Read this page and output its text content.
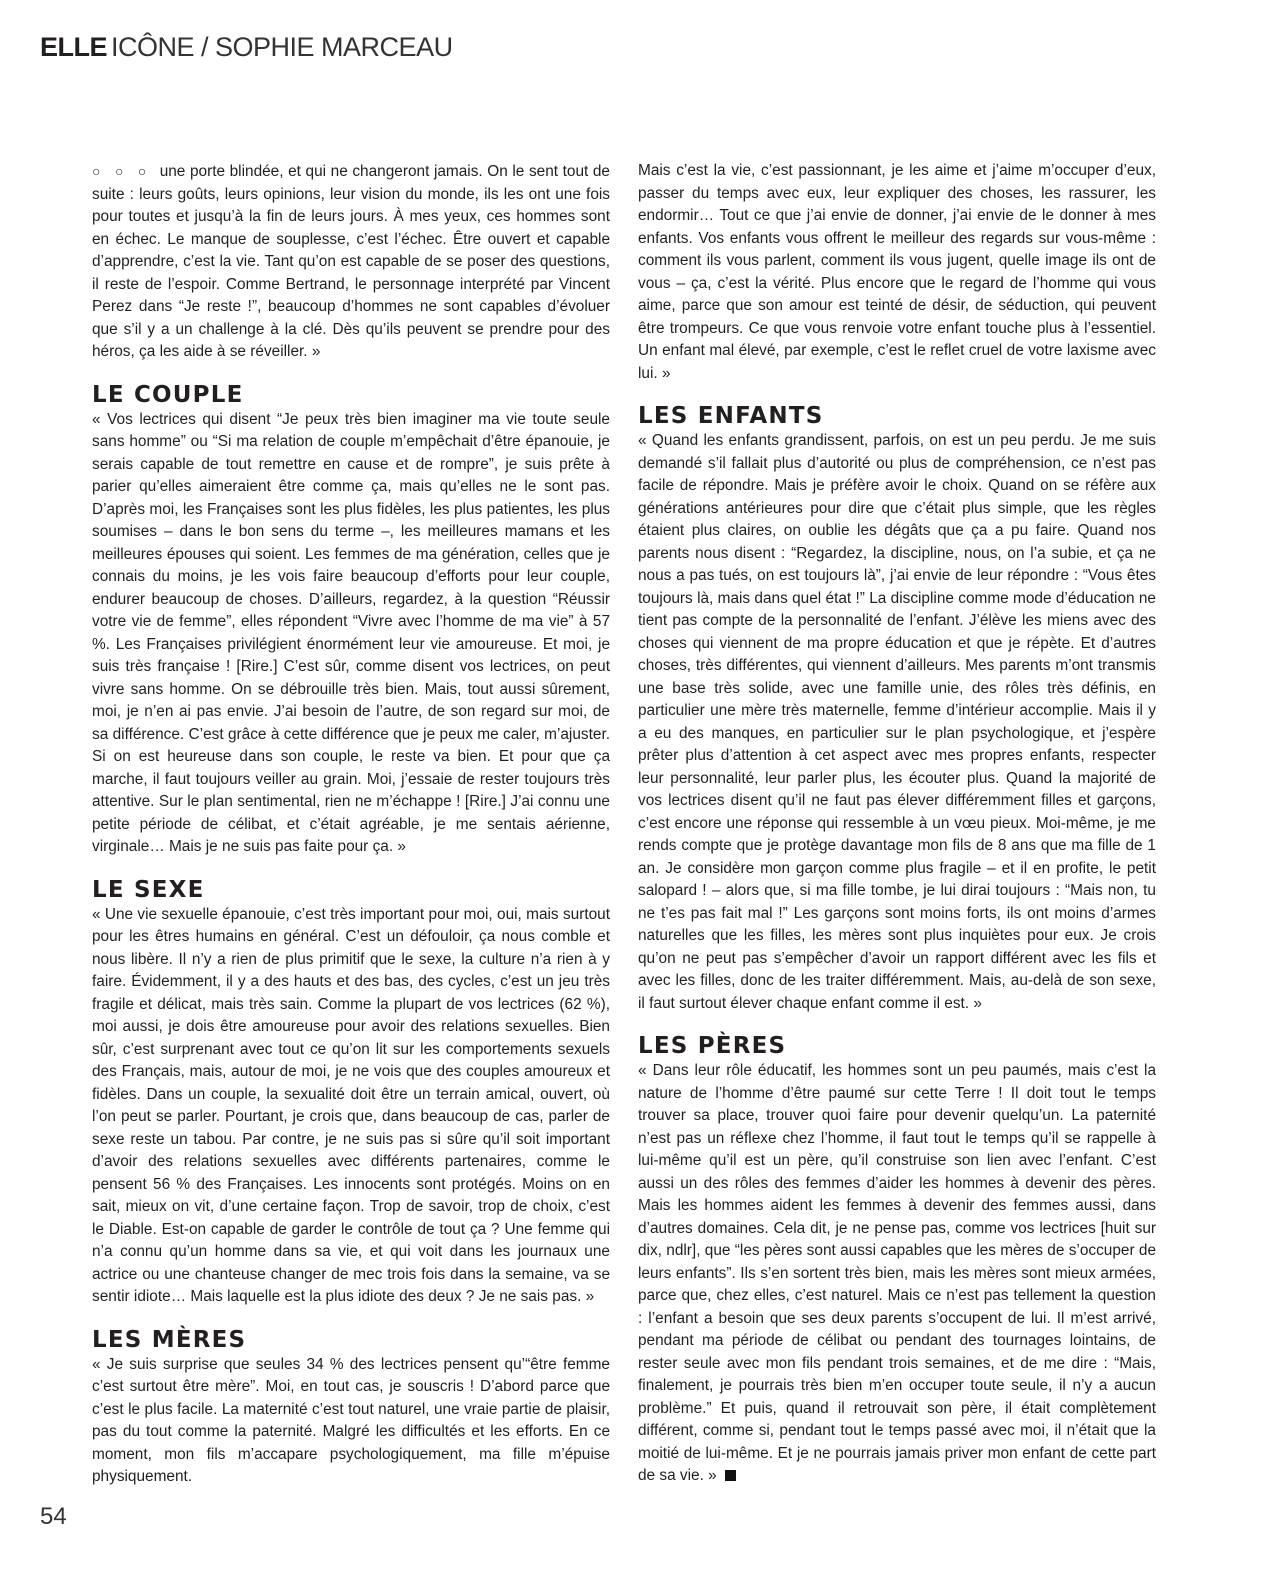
ELLE ICÔNE / SOPHIE MARCEAU

○ ○ ○ une porte blindée, et qui ne changeront jamais. On le sent tout de suite : leurs goûts, leurs opinions, leur vision du monde, ils les ont une fois pour toutes et jusqu’à la fin de leurs jours. À mes yeux, ces hommes sont en échec. Le manque de souplesse, c’est l’échec. Être ouvert et capable d’apprendre, c’est la vie. Tant qu’on est capable de se poser des questions, il reste de l’espoir. Comme Bertrand, le personnage interprété par Vincent Perez dans “Je reste !”, beaucoup d’hommes ne sont capables d’évoluer que s’il y a un challenge à la clé. Dès qu’ils peuvent se prendre pour des héros, ça les aide à se réveiller. »

LE COUPLE

« Vos lectrices qui disent “Je peux très bien imaginer ma vie toute seule sans homme” ou “Si ma relation de couple m’empêchait d’être épanouie, je serais capable de tout remettre en cause et de rompre”, je suis prête à parier qu’elles aimeraient être comme ça, mais qu’elles ne le sont pas. D’après moi, les Françaises sont les plus fidèles, les plus patientes, les plus soumises – dans le bon sens du terme –, les meilleures mamans et les meilleures épouses qui soient. Les femmes de ma génération, celles que je connais du moins, je les vois faire beaucoup d’efforts pour leur couple, endurer beaucoup de choses. D’ailleurs, regardez, à la question “Réussir votre vie de femme”, elles répondent “Vivre avec l’homme de ma vie” à 57 %. Les Françaises privilégient énormément leur vie amoureuse. Et moi, je suis très française ! [Rire.] C’est sûr, comme disent vos lectrices, on peut vivre sans homme. On se débrouille très bien. Mais, tout aussi sûrement, moi, je n’en ai pas envie. J’ai besoin de l’autre, de son regard sur moi, de sa différence. C’est grâce à cette différence que je peux me caler, m’ajuster. Si on est heureuse dans son couple, le reste va bien. Et pour que ça marche, il faut toujours veiller au grain. Moi, j’essaie de rester toujours très attentive. Sur le plan sentimental, rien ne m’échappe ! [Rire.] J’ai connu une petite période de célibat, et c’était agréable, je me sentais aérienne, virginale… Mais je ne suis pas faite pour ça. »

LE SEXE

« Une vie sexuelle épanouie, c’est très important pour moi, oui, mais surtout pour les êtres humains en général. C’est un défouloir, ça nous comble et nous libère. Il n’y a rien de plus primitif que le sexe, la culture n’a rien à y faire. Évidemment, il y a des hauts et des bas, des cycles, c’est un jeu très fragile et délicat, mais très sain. Comme la plupart de vos lectrices (62 %), moi aussi, je dois être amoureuse pour avoir des relations sexuelles. Bien sûr, c’est surprenant avec tout ce qu’on lit sur les comportements sexuels des Français, mais, autour de moi, je ne vois que des couples amoureux et fidèles. Dans un couple, la sexualité doit être un terrain amical, ouvert, où l’on peut se parler. Pourtant, je crois que, dans beaucoup de cas, parler de sexe reste un tabou. Par contre, je ne suis pas si sûre qu’il soit important d’avoir des relations sexuelles avec différents partenaires, comme le pensent 56 % des Françaises. Les innocents sont protégés. Moins on en sait, mieux on vit, d’une certaine façon. Trop de savoir, trop de choix, c’est le Diable. Est-on capable de garder le contrôle de tout ça ? Une femme qui n’a connu qu’un homme dans sa vie, et qui voit dans les journaux une actrice ou une chanteuse changer de mec trois fois dans la semaine, va se sentir idiote… Mais laquelle est la plus idiote des deux ? Je ne sais pas. »

LES MÈRES

« Je suis surprise que seules 34 % des lectrices pensent qu’“être femme c’est surtout être mère”. Moi, en tout cas, je souscris ! D’abord parce que c’est le plus facile. La maternité c’est tout naturel, une vraie partie de plaisir, pas du tout comme la paternité. Malgré les difficultés et les efforts. En ce moment, mon fils m’accapare psychologiquement, ma fille m’épuise physiquement.

Mais c’est la vie, c’est passionnant, je les aime et j’aime m’occuper d’eux, passer du temps avec eux, leur expliquer des choses, les rassurer, les endormir… Tout ce que j’ai envie de donner, j’ai envie de le donner à mes enfants. Vos enfants vous offrent le meilleur des regards sur vous-même : comment ils vous parlent, comment ils vous jugent, quelle image ils ont de vous – ça, c’est la vérité. Plus encore que le regard de l’homme qui vous aime, parce que son amour est teinté de désir, de séduction, qui peuvent être trompeurs. Ce que vous renvoie votre enfant touche plus à l’essentiel. Un enfant mal élevé, par exemple, c’est le reflet cruel de votre laxisme avec lui. »

LES ENFANTS

« Quand les enfants grandissent, parfois, on est un peu perdu. Je me suis demandé s’il fallait plus d’autorité ou plus de compréhension, ce n’est pas facile de répondre. Mais je préfère avoir le choix. Quand on se réfère aux générations antérieures pour dire que c’était plus simple, que les règles étaient plus claires, on oublie les dégâts que ça a pu faire. Quand nos parents nous disent : “Regardez, la discipline, nous, on l’a subie, et ça ne nous a pas tués, on est toujours là”, j’ai envie de leur répondre : “Vous êtes toujours là, mais dans quel état !” La discipline comme mode d’éducation ne tient pas compte de la personnalité de l’enfant. J’élève les miens avec des choses qui viennent de ma propre éducation et que je répète. Et d’autres choses, très différentes, qui viennent d’ailleurs. Mes parents m’ont transmis une base très solide, avec une famille unie, des rôles très définis, en particulier une mère très maternelle, femme d’intérieur accomplie. Mais il y a eu des manques, en particulier sur le plan psychologique, et j’espère prêter plus d’attention à cet aspect avec mes propres enfants, respecter leur personnalité, leur parler plus, les écouter plus. Quand la majorité de vos lectrices disent qu’il ne faut pas élever différemment filles et garçons, c’est encore une réponse qui ressemble à un vœu pieux. Moi-même, je me rends compte que je protège davantage mon fils de 8 ans que ma fille de 1 an. Je considère mon garçon comme plus fragile – et il en profite, le petit salopard ! – alors que, si ma fille tombe, je lui dirai toujours : “Mais non, tu ne t’es pas fait mal !” Les garçons sont moins forts, ils ont moins d’armes naturelles que les filles, les mères sont plus inquiètes pour eux. Je crois qu’on ne peut pas s’empêcher d’avoir un rapport différent avec les fils et avec les filles, donc de les traiter différemment. Mais, au-delà de son sexe, il faut surtout élever chaque enfant comme il est. »

LES PÈRES

« Dans leur rôle éducatif, les hommes sont un peu paumés, mais c’est la nature de l’homme d’être paumé sur cette Terre ! Il doit tout le temps trouver sa place, trouver quoi faire pour devenir quelqu’un. La paternité n’est pas un réflexe chez l’homme, il faut tout le temps qu’il se rappelle à lui-même qu’il est un père, qu’il construise son lien avec l’enfant. C’est aussi un des rôles des femmes d’aider les hommes à devenir des pères. Mais les hommes aident les femmes à devenir des femmes aussi, dans d’autres domaines. Cela dit, je ne pense pas, comme vos lectrices [huit sur dix, ndlr], que “les pères sont aussi capables que les mères de s’occuper de leurs enfants”. Ils s’en sortent très bien, mais les mères sont mieux armées, parce que, chez elles, c’est naturel. Mais ce n’est pas tellement la question : l’enfant a besoin que ses deux parents s’occupent de lui. Il m’est arrivé, pendant ma période de célibat ou pendant des tournages lointains, de rester seule avec mon fils pendant trois semaines, et de me dire : “Mais, finalement, je pourrais très bien m’en occuper toute seule, il n’y a aucun problème.” Et puis, quand il retrouvait son père, il était complètement différent, comme si, pendant tout le temps passé avec moi, il n’était que la moitié de lui-même. Et je ne pourrais jamais priver mon enfant de cette part de sa vie. »

54
